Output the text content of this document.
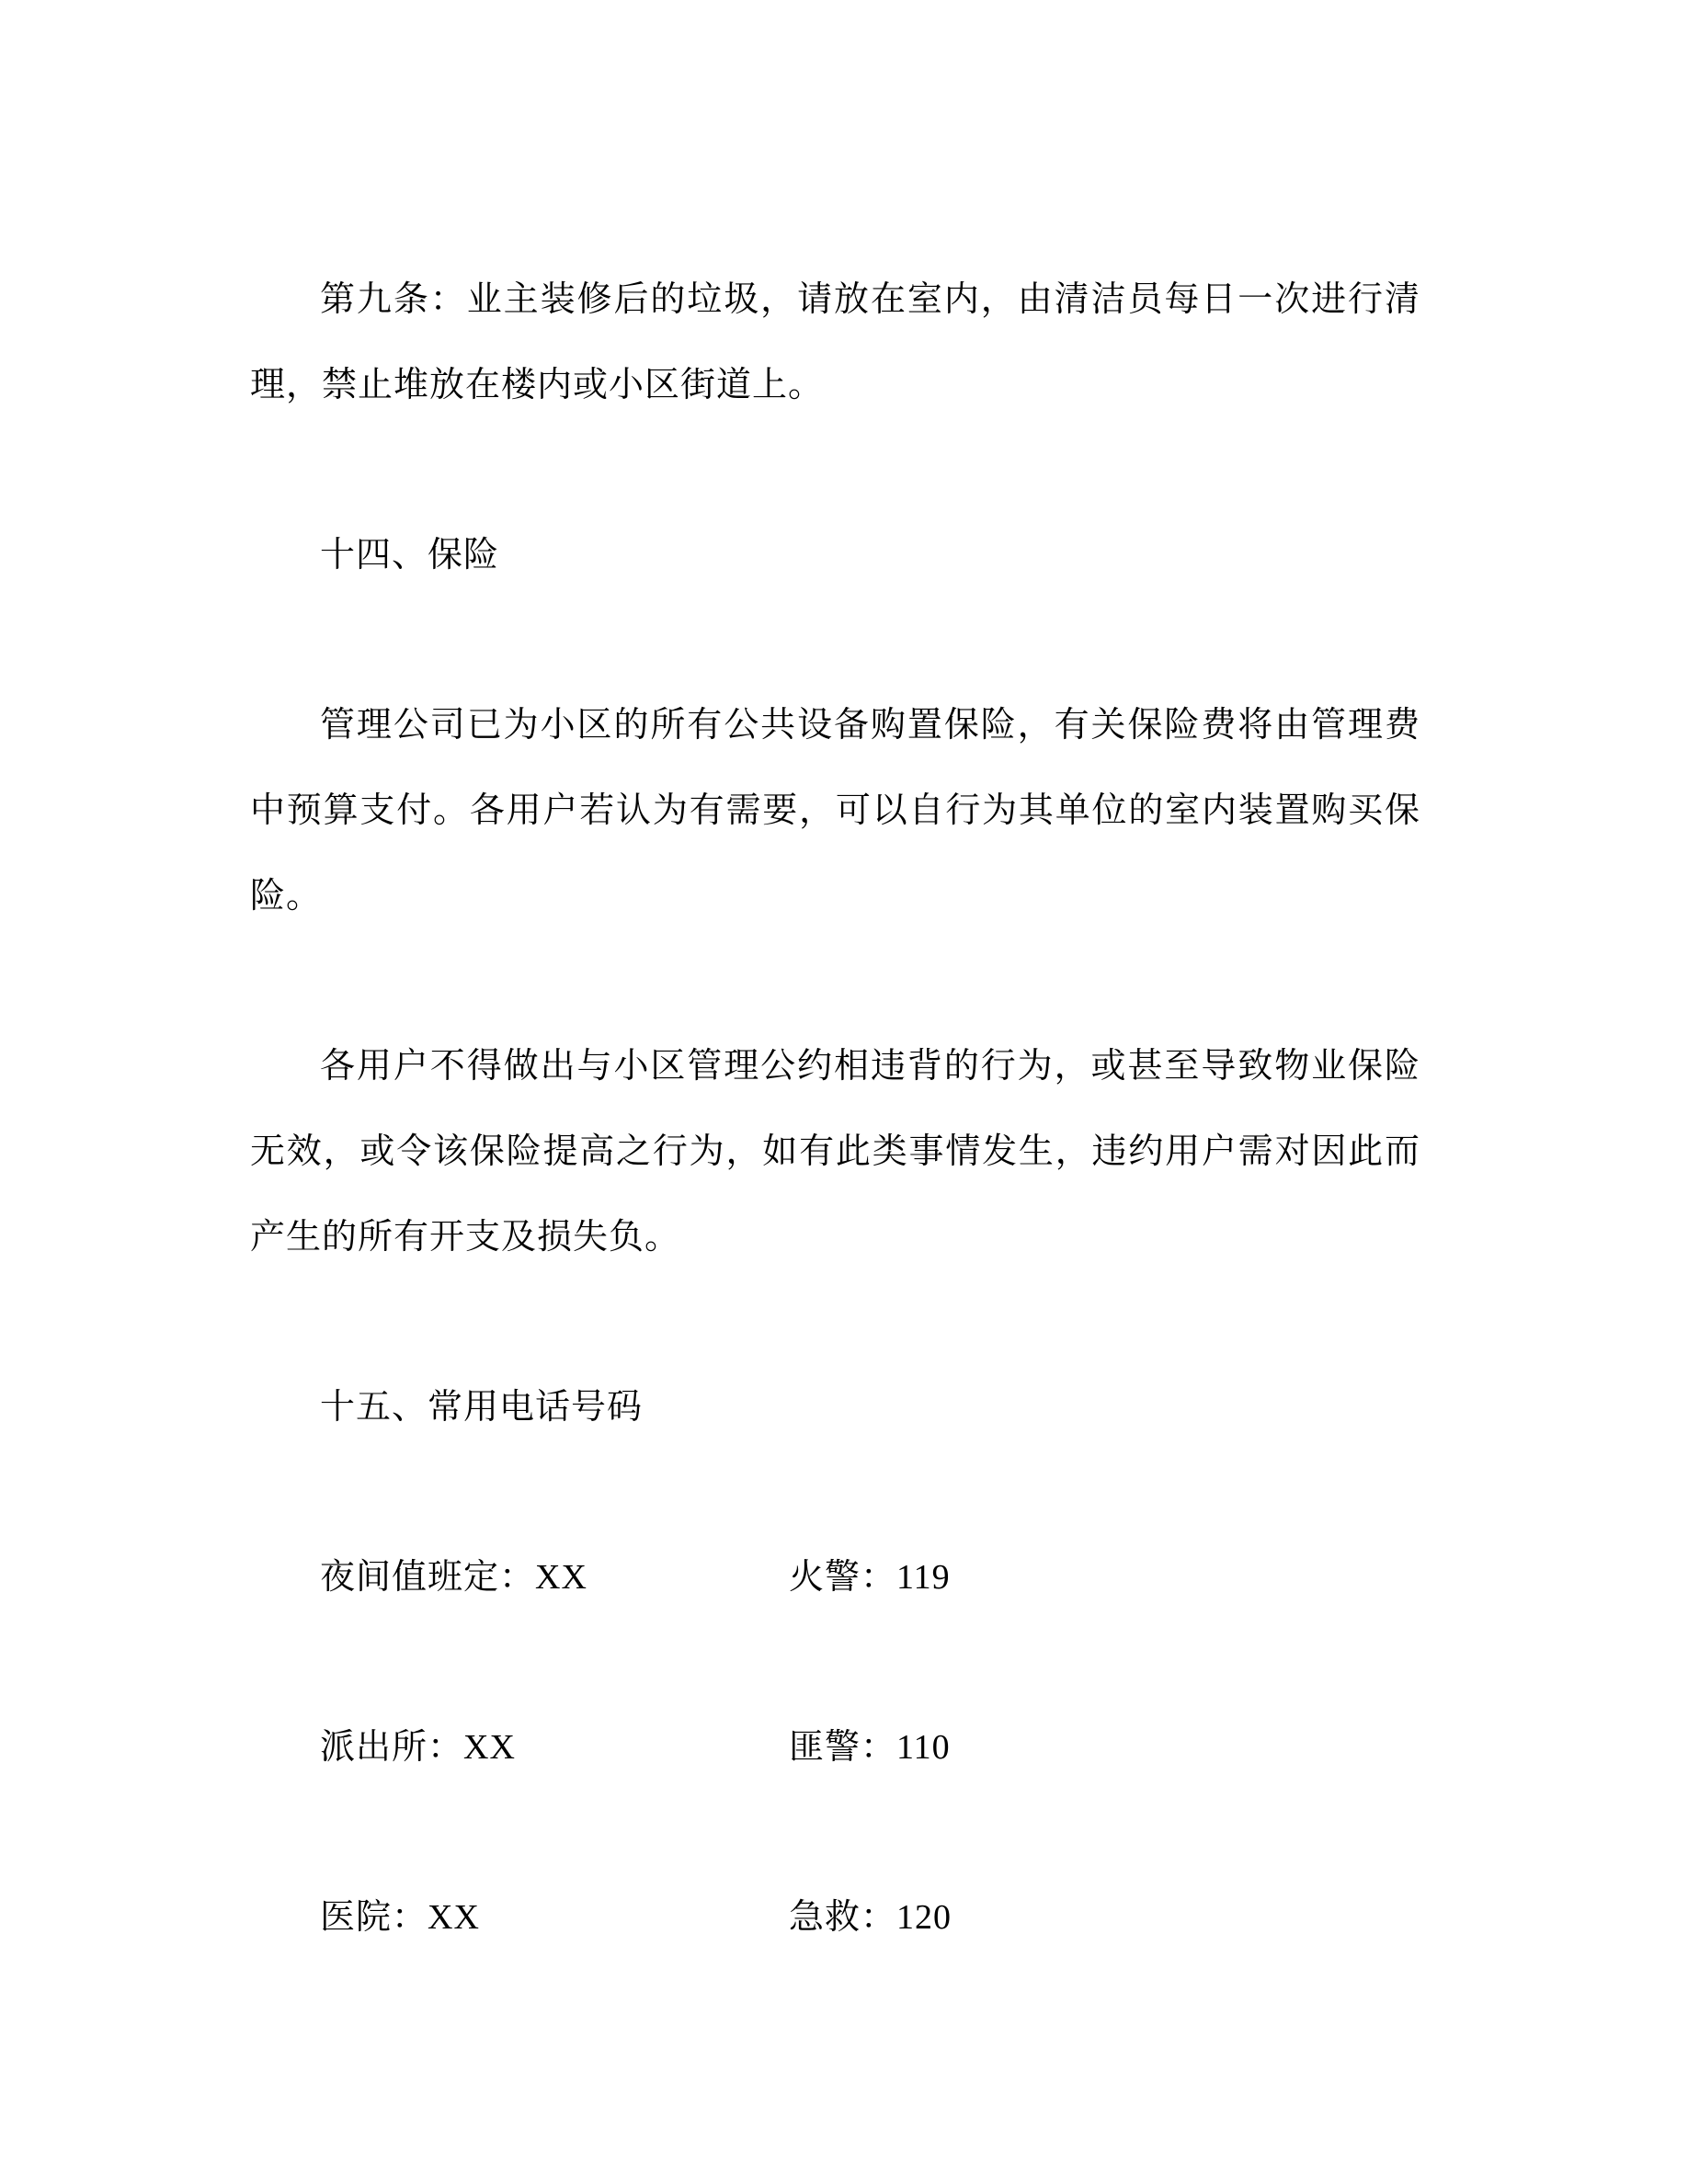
第九条：业主装修后的垃圾，请放在室内，由清洁员每日一次进行清理，禁止堆放在楼内或小区街道上。

十四、保险

管理公司已为小区的所有公共设备购置保险，有关保险费将由管理费中预算支付。各用户若认为有需要，可以自行为其单位的室内装置购买保险。

各用户不得做出与小区管理公约相违背的行为，或甚至导致物业保险无效，或令该保险提高之行为，如有此类事情发生，违约用户需对因此而产生的所有开支及损失负。

十五、常用电话号码

夜间值班定：XX	火警：119
派出所：XX	匪警：110
医院：XX	急救：120
